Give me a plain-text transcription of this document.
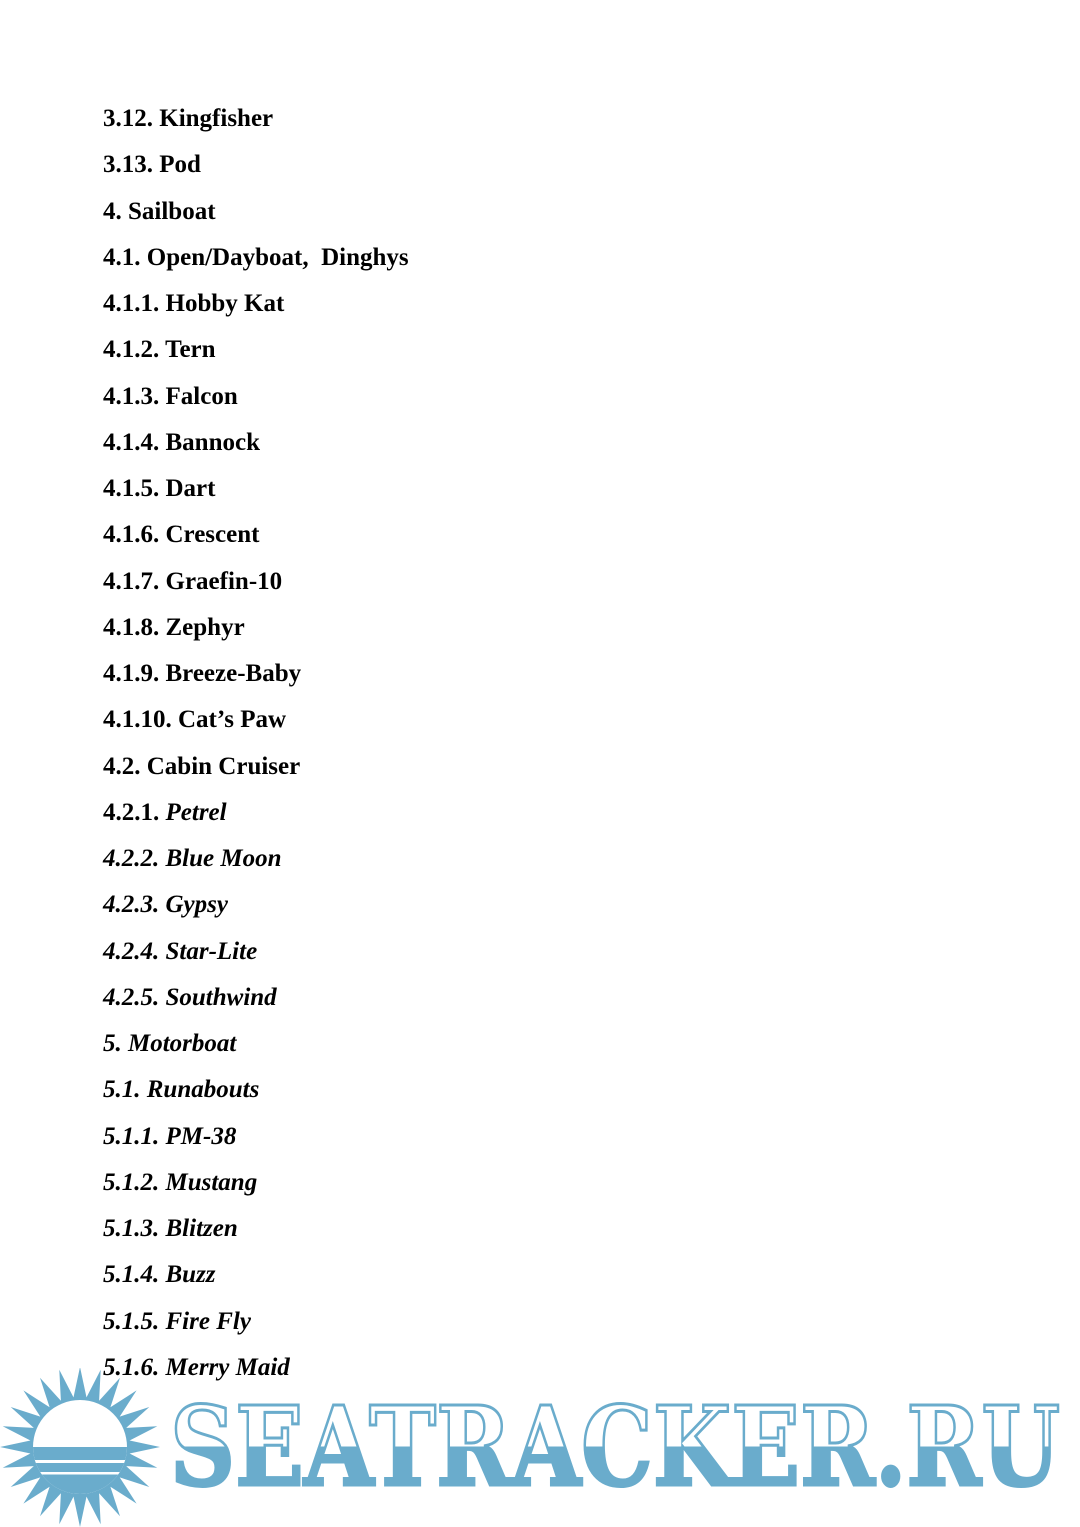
3.12. Kingfisher
3.13. Pod
4. Sailboat
4.1. Open/Dayboat,  Dinghys
4.1.1. Hobby Kat
4.1.2. Tern
4.1.3. Falcon
4.1.4. Bannock
4.1.5. Dart
4.1.6. Crescent
4.1.7. Graefin-10
4.1.8. Zephyr
4.1.9. Breeze-Baby
4.1.10. Cat’s Paw
4.2. Cabin Cruiser
4.2.1. Petrel
4.2.2. Blue Moon
4.2.3. Gypsy
4.2.4. Star-Lite
4.2.5. Southwind
5. Motorboat
5.1. Runabouts
5.1.1. PM-38
5.1.2. Mustang
5.1.3. Blitzen
5.1.4. Buzz
5.1.5. Fire Fly
5.1.6. Merry Maid
SEATRACKER.RU
